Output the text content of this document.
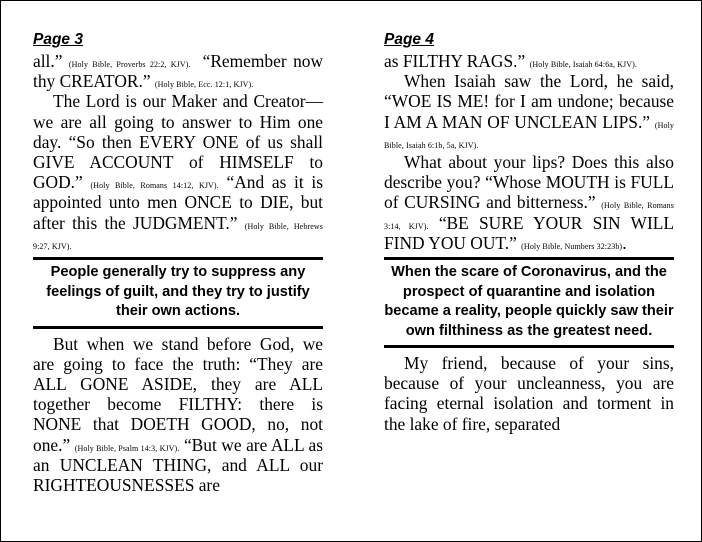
Page 3

all.” (Holy Bible, Proverbs 22:2, KJV). “Remember now thy CREATOR.” (Holy Bible, Ecc. 12:1, KJV).

The Lord is our Maker and Creator—we are all going to answer to Him one day. “So then EVERY ONE of us shall GIVE ACCOUNT of HIMSELF to GOD.” (Holy Bible, Romans 14:12, KJV). “And as it is appointed unto men ONCE to DIE, but after this the JUDGMENT.” (Holy Bible, Hebrews 9:27, KJV).

People generally try to suppress any feelings of guilt, and they try to justify their own actions.

But when we stand before God, we are going to face the truth: “They are ALL GONE ASIDE, they are ALL together become FILTHY: there is NONE that DOETH GOOD, no, not one.” (Holy Bible, Psalm 14:3, KJV). “But we are ALL as an UNCLEAN THING, and ALL our RIGHTEOUSNESSES are

Page 4

as FILTHY RAGS.” (Holy Bible, Isaiah 64:6a, KJV).

When Isaiah saw the Lord, he said, “WOE IS ME! for I am undone; because I AM A MAN OF UNCLEAN LIPS.” (Holy Bible, Isaiah 6:1b, 5a, KJV).

What about your lips? Does this also describe you? “Whose MOUTH is FULL of CURSING and bitterness.” (Holy Bible, Romans 3:14, KJV). “BE SURE YOUR SIN WILL FIND YOU OUT.” (Holy Bible, Numbers 32:23b).

When the scare of Coronavirus, and the prospect of quarantine and isolation became a reality, people quickly saw their own filthiness as the greatest need.

My friend, because of your sins, because of your uncleanness, you are facing eternal isolation and torment in the lake of fire, separated
